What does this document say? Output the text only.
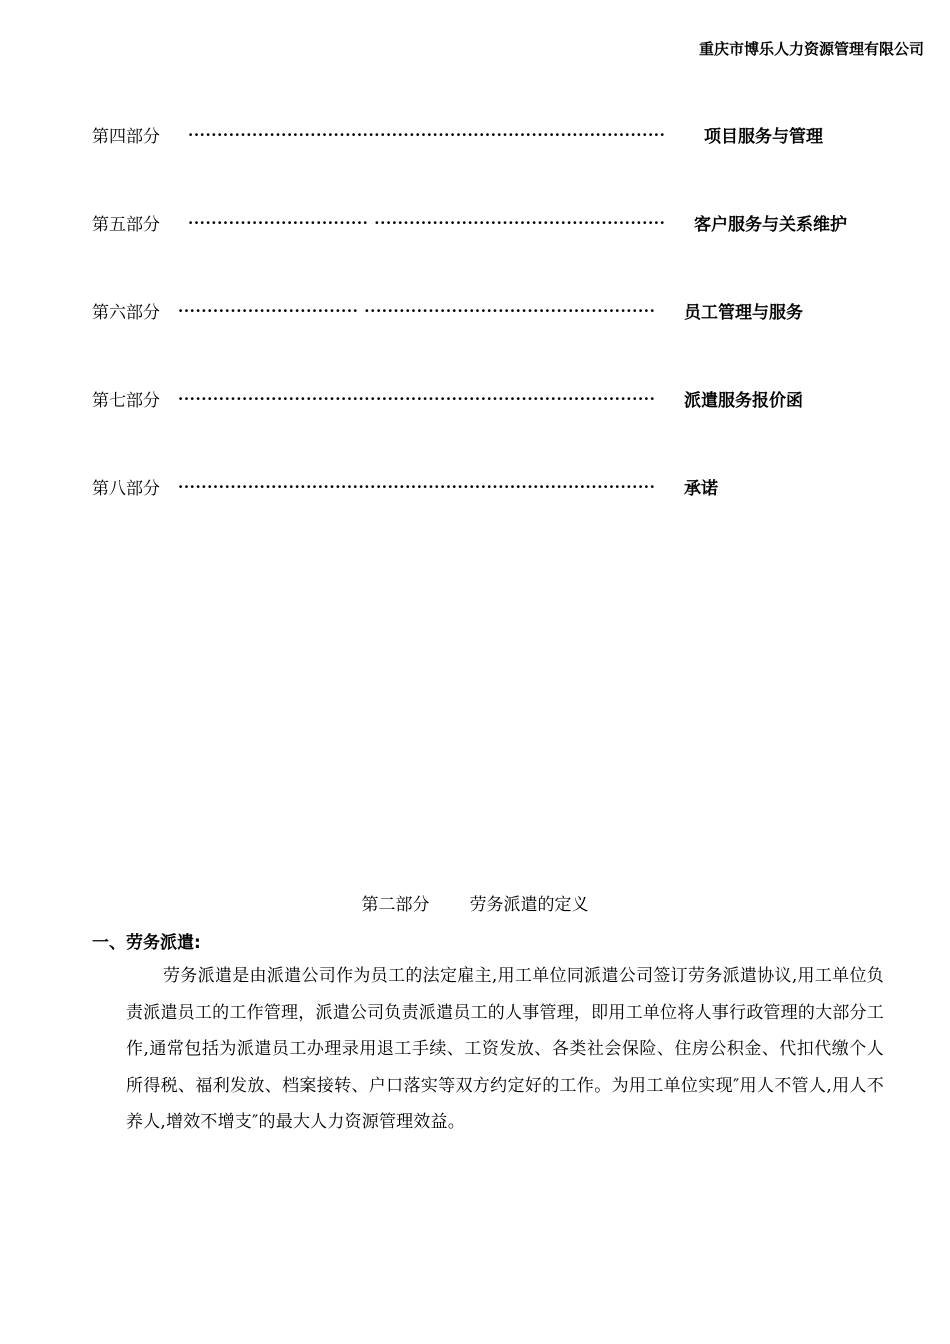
重庆市博乐人力资源管理有限公司
第四部分 ··················································································	项目服务与管理
第五部分 ······························· ··················································	客户服务与关系维护
第六部分 ······························· ··················································	员工管理与服务
第七部分 ··················································································	派遣服务报价函
第八部分 ··················································································	承诺
第二部分 劳务派遣的定义
一、劳务派遣:
劳务派遣是由派遣公司作为员工的法定雇主,用工单位同派遣公司签订劳务派遣协议,用工单位负责派遣员工的工作管理，派遣公司负责派遣员工的人事管理，即用工单位将人事行政管理的大部分工作,通常包括为派遣员工办理录用退工手续、工资发放、各类社会保险、住房公积金、代扣代缴个人所得税、福利发放、档案接转、户口落实等双方约定好的工作。为用工单位实现″用人不管人,用人不养人,增效不增支″的最大人力资源管理效益。
